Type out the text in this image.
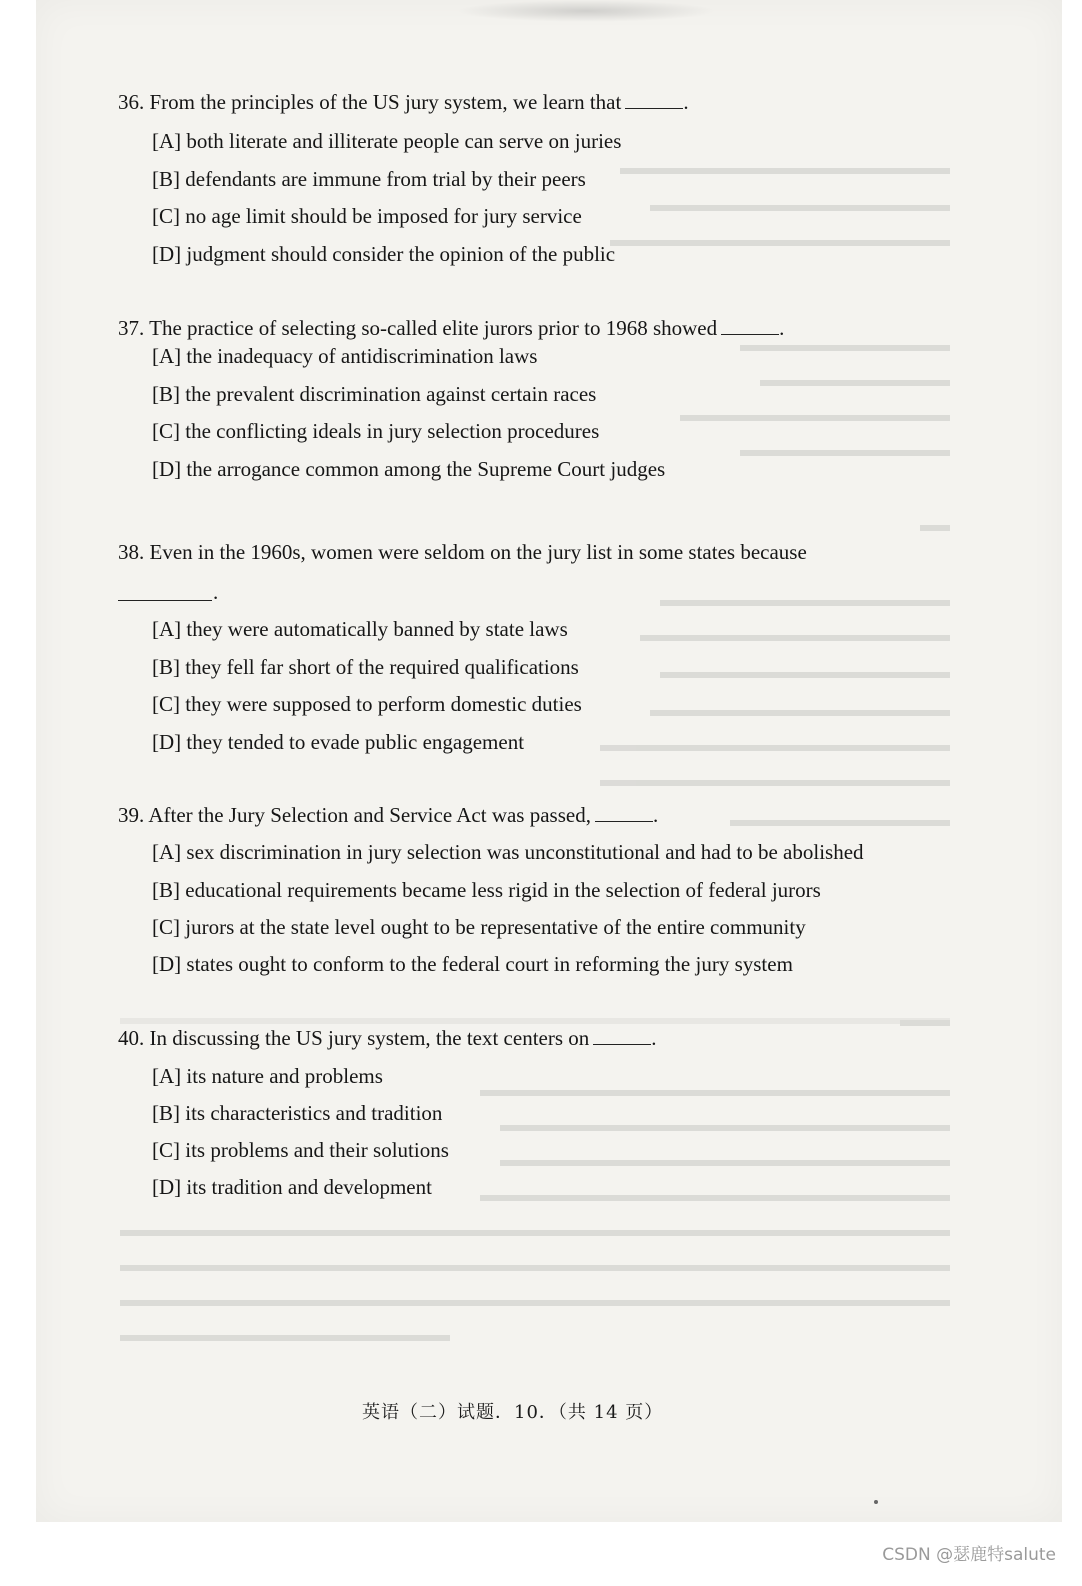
36. From the principles of the US jury system, we learn that	.
[A] both literate and illiterate people can serve on juries
[B] defendants are immune from trial by their peers
[C] no age limit should be imposed for jury service
[D] judgment should consider the opinion of the public
37. The practice of selecting so-called elite jurors prior to 1968 showed	.
[A] the inadequacy of antidiscrimination laws
[B] the prevalent discrimination against certain races
[C] the conflicting ideals in jury selection procedures
[D] the arrogance common among the Supreme Court judges
38. Even in the 1960s, women were seldom on the jury list in some states because
.
[A] they were automatically banned by state laws
[B] they fell far short of the required qualifications
[C] they were supposed to perform domestic duties
[D] they tended to evade public engagement
39. After the Jury Selection and Service Act was passed,	.
[A] sex discrimination in jury selection was unconstitutional and had to be abolished
[B] educational requirements became less rigid in the selection of federal jurors
[C] jurors at the state level ought to be representative of the entire community
[D] states ought to conform to the federal court in reforming the jury system
40. In discussing the US jury system, the text centers on	.
[A] its nature and problems
[B] its characteristics and tradition
[C] its problems and their solutions
[D] its tradition and development
英语（二）试题．10．（共 14 页）
CSDN @瑟鹿特salute
